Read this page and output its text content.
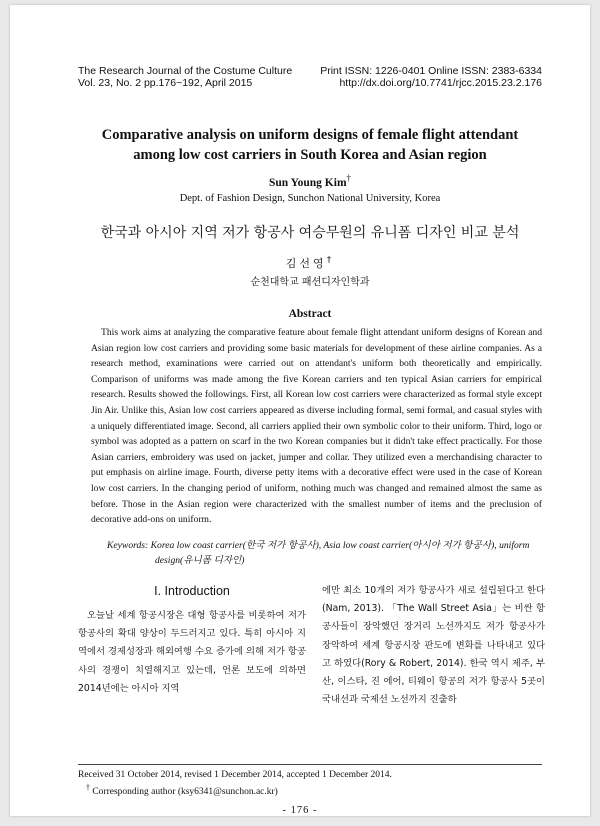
The Research Journal of the Costume Culture
Vol. 23, No. 2 pp.176~192, April 2015
Print ISSN: 1226-0401 Online ISSN: 2383-6334
http://dx.doi.org/10.7741/rjcc.2015.23.2.176
Comparative analysis on uniform designs of female flight attendant
among low cost carriers in South Korea and Asian region
Sun Young Kim†
Dept. of Fashion Design, Sunchon National University, Korea
한국과 아시아 지역 저가 항공사 여승무원의 유니폼 디자인 비교 분석
김선영†
순천대학교 패션디자인학과
Abstract
This work aims at analyzing the comparative feature about female flight attendant uniform designs of Korean and Asian region low cost carriers and providing some basic materials for development of these airline companies. As a research method, examinations were carried out on attendant's uniform both theoretically and empirically. Comparison of uniforms was made among the five Korean carriers and ten typical Asian carriers for empirical research. Results showed the followings. First, all Korean low cost carriers were characterized as formal style except Jin Air. Unlike this, Asian low cost carriers appeared as diverse including formal, semi formal, and casual styles with a uniquely differentiated image. Second, all carriers applied their own symbolic color to their uniform. Third, logo or symbol was adopted as a pattern on scarf in the two Korean companies but it didn't take effect practically. For those Asian carriers, embroidery was used on jacket, jumper and collar. They utilized even a merchandising character to put emphasis on airline image. Fourth, diverse petty items with a decorative effect were used in the case of Korean low cost carriers. In the changing period of uniform, nothing much was changed and remained almost the same as before. Those in the Asian region were characterized with the smallest number of items and the preclusion of decorative add-ons on uniform.
Keywords: Korea low coast carrier(한국 저가 항공사), Asia low coast carrier(아시아 저가 항공사), uniform
design(유니폼 디자인)
I. Introduction

오늘날 세계 항공시장은 대형 항공사를 비롯하여 저가 항공사의 확대 양상이 두드러지고 있다. 특히 아시아 지역에서 경제성장과 해외여행 수요 증가에 의해 저가 항공사의 경쟁이 치열해지고 있는데, 언론 보도에 의하면 2014년에는 아시아 지역

에만 최소 10개의 저가 항공사가 새로 설립된다고 한다(Nam, 2013). 「The Wall Street Asia」는 비싼 항공사들이 장악했던 장거리 노선까지도 저가 항공사가 장악하여 세계 항공시장 판도에 변화를 나타내고 있다고 하였다(Rory & Robert, 2014). 한국 역시 제주, 부산, 이스타, 진 에어, 티웨이 항공의 저가 항공사 5곳이 국내선과 국제선 노선까지 진출하

Received 31 October 2014, revised 1 December 2014, accepted 1 December 2014.
† Corresponding author (ksy6341@sunchon.ac.kr)
- 176 -
